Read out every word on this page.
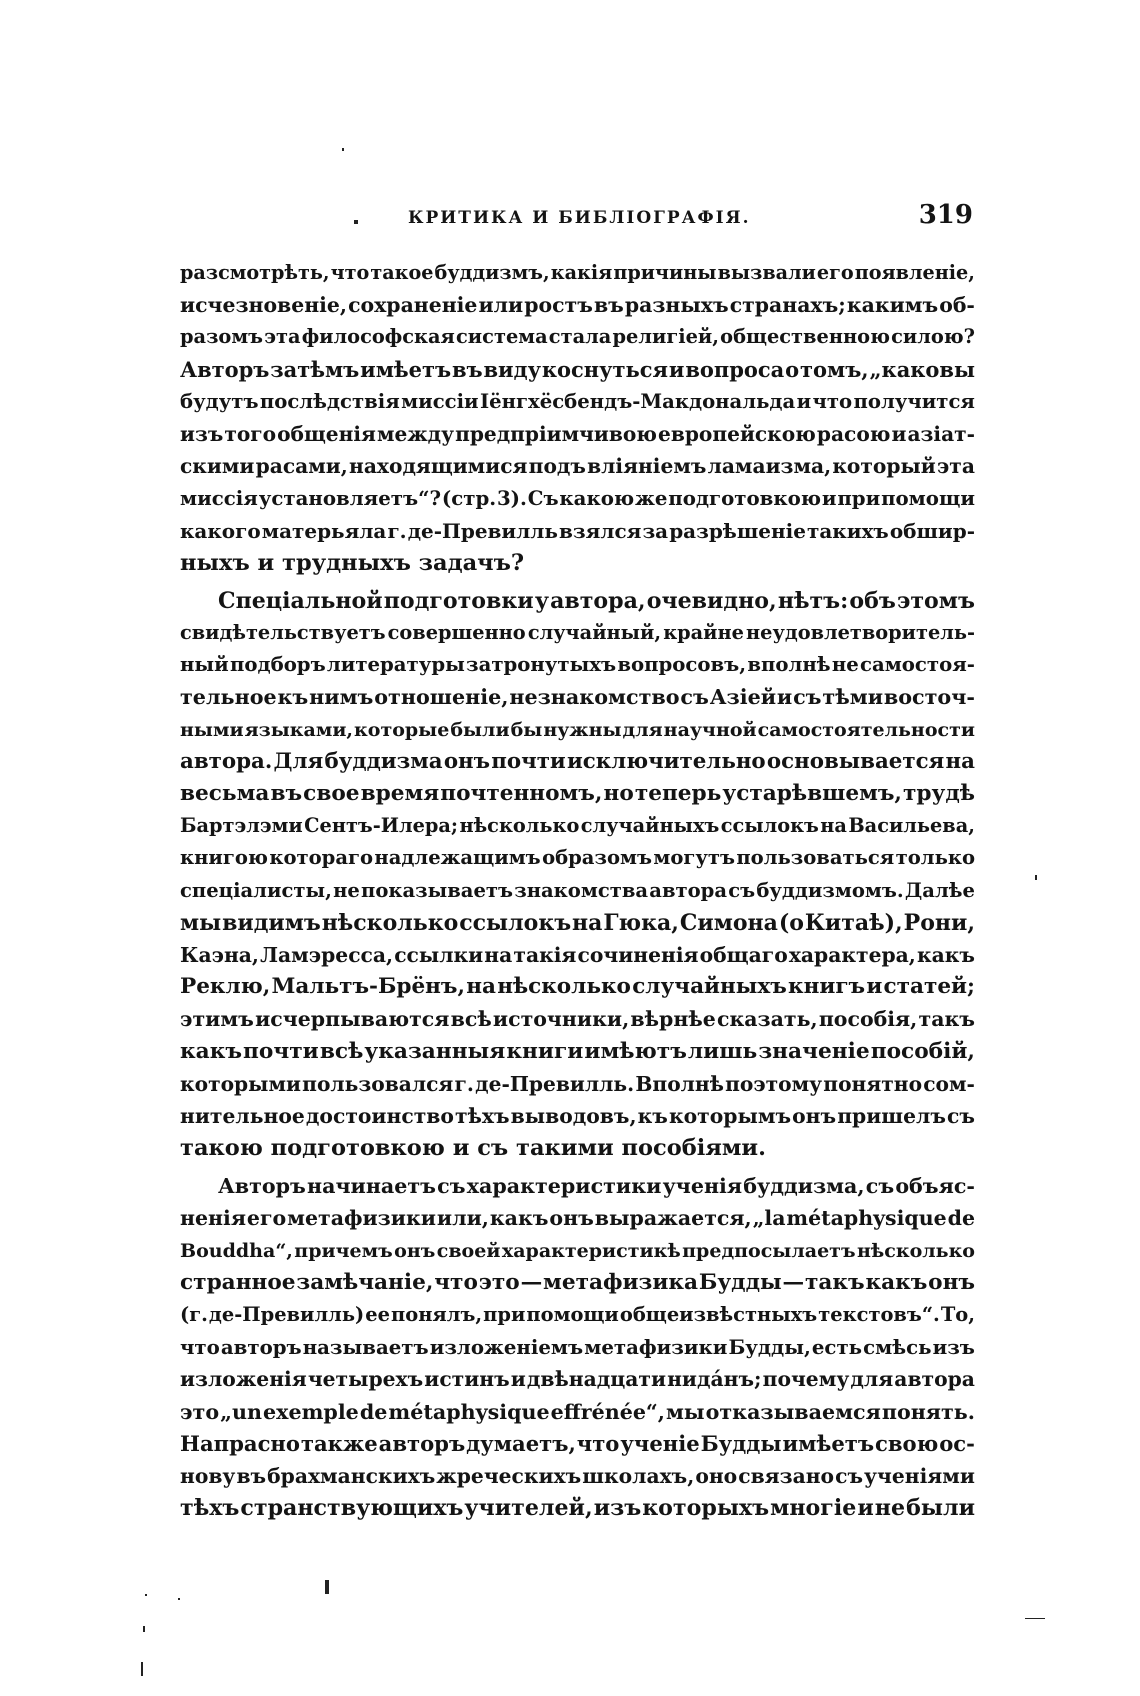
КРИТИКА И БИБЛІОГРАФІЯ.	319
разсмотрѣть, что такое буддизмъ, какія причины вызвали его появленіе,
исчезновеніе, сохраненіе или ростъ въ разныхъ странахъ; какимъ об-
разомъ эта философская система стала религіей, общественною силою?
Авторъ затѣмъ имѣетъ въ виду коснуться и вопроса о томъ, „каковы
будутъ послѣдствія миссіи Іёнгхёсбендъ-Макдональда и что получится
изъ того общенія между предпріимчивою европейскою расою и азіат-
скими расами, находящимися подъ вліяніемъ ламаизма, который эта
миссія установляетъ“? (стр. 3). Съ какою же подготовкою и при помощи
какого матерьяла г. де-Превилль взялся за разрѣшеніе такихъ обшир-
ныхъ и трудныхъ задачъ?
Спеціальной подготовки у автора, очевидно, нѣтъ: объ этомъ
свидѣтельствуетъ совершенно случайный, крайне неудовлетворитель-
ный подборъ литературы затронутыхъ вопросовъ, вполнѣ не самостоя-
тельное къ нимъ отношеніе, незнакомство съ Азіей и съ тѣми восточ-
ными языками, которые были бы нужны для научной самостоятельности
автора. Для буддизма онъ почти исключительно основывается на
весьма въ свое время почтенномъ, но теперь устарѣвшемъ, трудѣ
Бартэлэми Сентъ-Илера; нѣсколько случайныхъ ссылокъ на Васильева,
книгою котораго надлежащимъ образомъ могутъ пользоваться только
спеціалисты, не показываетъ знакомства автора съ буддизмомъ. Далѣе
мы видимъ нѣсколько ссылокъ на Гюка, Симона (о Китаѣ), Рони,
Каэна, Ламэресса, ссылки на такія сочиненія общаго характера, какъ
Реклю, Мальтъ-Брёнъ, на нѣсколько случайныхъ книгъ и статей;
этимъ исчерпываются всѣ источники, вѣрнѣе сказать, пособія, такъ
какъ почти всѣ указанныя книги имѣютъ лишь значеніе пособій,
которыми пользовался г. де-Превилль. Вполнѣ поэтому понятно сом-
нительное достоинство тѣхъ выводовъ, къ которымъ онъ пришелъ съ
такою подготовкою и съ такими пособіями.
Авторъ начинаетъ съ характеристики ученія буддизма, съ объяс-
ненія его метафизики или, какъ онъ выражается, „la métaphysique de
Bouddha“, причемъ онъ своей характеристикѣ предпосылаетъ нѣсколько
странное замѣчаніе, что это — метафизика Будды — такъ какъ онъ
(г. де-Превилль) ее понялъ, при помощи общеизвѣстныхъ текстовъ“. То,
что авторъ называетъ изложеніемъ метафизики Будды, есть смѣсь изъ
изложенія четырехъ истинъ и двѣнадцати нидáнъ; почему для автора
это „un exemple de métaphysique effrénée“, мы отказываемся понять.
Напрасно также авторъ думаетъ, что ученіе Будды имѣетъ свою ос-
нову въ брахманскихъ жреческихъ школахъ, оно связано съ ученіями
тѣхъ странствующихъ учителей, изъ которыхъ многіе и не были
